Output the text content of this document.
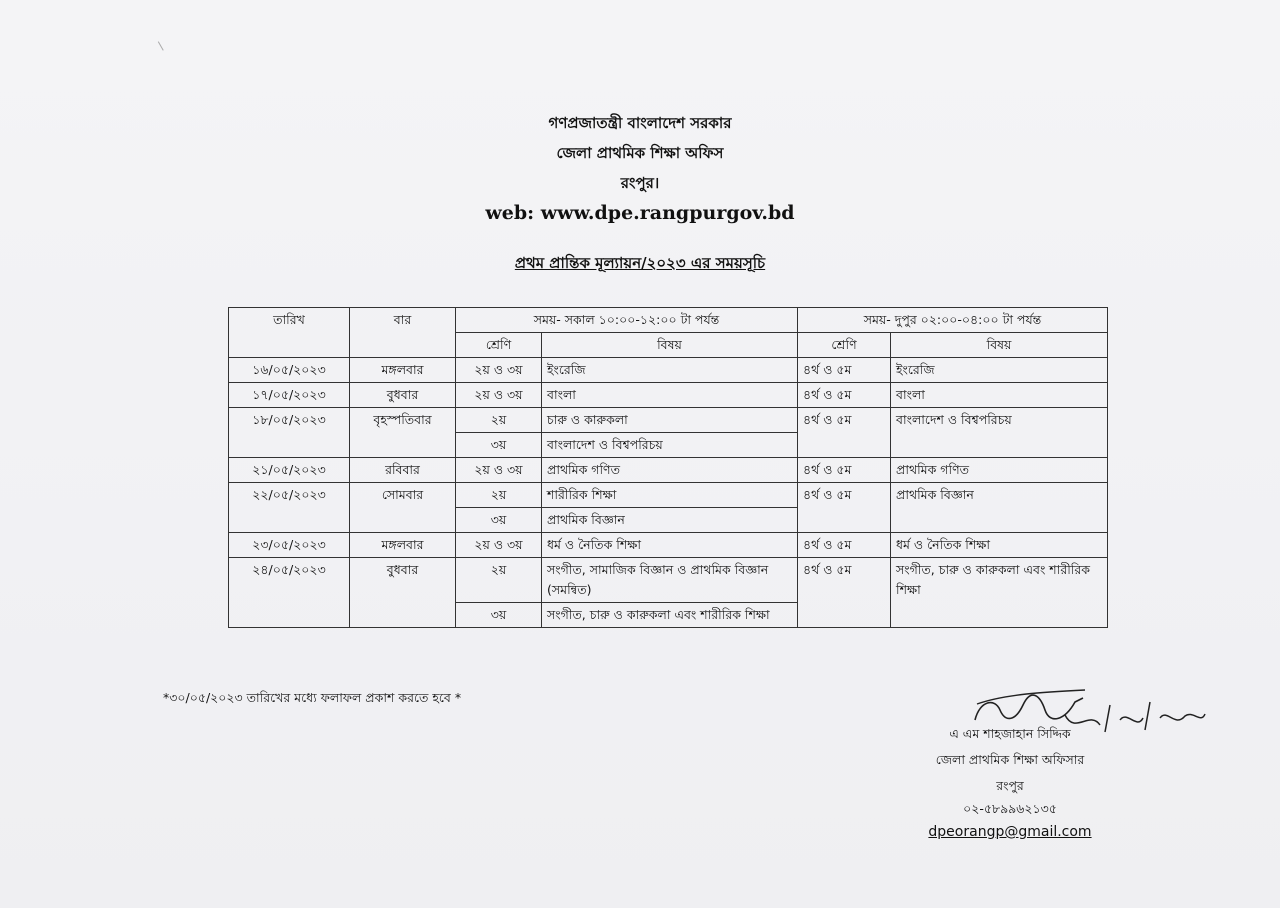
গণপ্রজাতন্ত্রী বাংলাদেশ সরকার
জেলা প্রাথমিক শিক্ষা অফিস
রংপুর।
web: www.dpe.rangpurgov.bd
প্রথম প্রান্তিক মূল্যায়ন/২০২৩ এর সময়সূচি
তারিখ	বার	সময়- সকাল ১০:০০-১২:০০ টা পর্যন্ত		সময়- দুপুর ০২:০০-০৪:০০ টা পর্যন্ত	
		শ্রেণি	বিষয়	শ্রেণি	বিষয়
১৬/০৫/২০২৩	মঙ্গলবার	২য় ও ৩য়	ইংরেজি	৪র্থ ও ৫ম	ইংরেজি
১৭/০৫/২০২৩	বুধবার	২য় ও ৩য়	বাংলা	৪র্থ ও ৫ম	বাংলা
১৮/০৫/২০২৩	বৃহস্পতিবার	২য়	চারু ও কারুকলা	৪র্থ ও ৫ম	বাংলাদেশ ও বিশ্বপরিচয়
		৩য়	বাংলাদেশ ও বিশ্বপরিচয়		
২১/০৫/২০২৩	রবিবার	২য় ও ৩য়	প্রাথমিক গণিত	৪র্থ ও ৫ম	প্রাথমিক গণিত
২২/০৫/২০২৩	সোমবার	২য়	শারীরিক শিক্ষা	৪র্থ ও ৫ম	প্রাথমিক বিজ্ঞান
		৩য়	প্রাথমিক বিজ্ঞান		
২৩/০৫/২০২৩	মঙ্গলবার	২য় ও ৩য়	ধর্ম ও নৈতিক শিক্ষা	৪র্থ ও ৫ম	ধর্ম ও নৈতিক শিক্ষা
২৪/০৫/২০২৩	বুধবার	২য়	সংগীত, সামাজিক বিজ্ঞান ও প্রাথমিক বিজ্ঞান (সমন্বিত)	৪র্থ ও ৫ম	সংগীত, চারু ও কারুকলা এবং শারীরিক শিক্ষা
		৩য়	সংগীত, চারু ও কারুকলা এবং শারীরিক শিক্ষা		
*৩০/০৫/২০২৩ তারিখের মধ্যে ফলাফল প্রকাশ করতে হবে *
এ এম শাহজাহান সিদ্দিক
জেলা প্রাথমিক শিক্ষা অফিসার
রংপুর
০২-৫৮৯৯৬২১৩৫
dpeorangp@gmail.com
